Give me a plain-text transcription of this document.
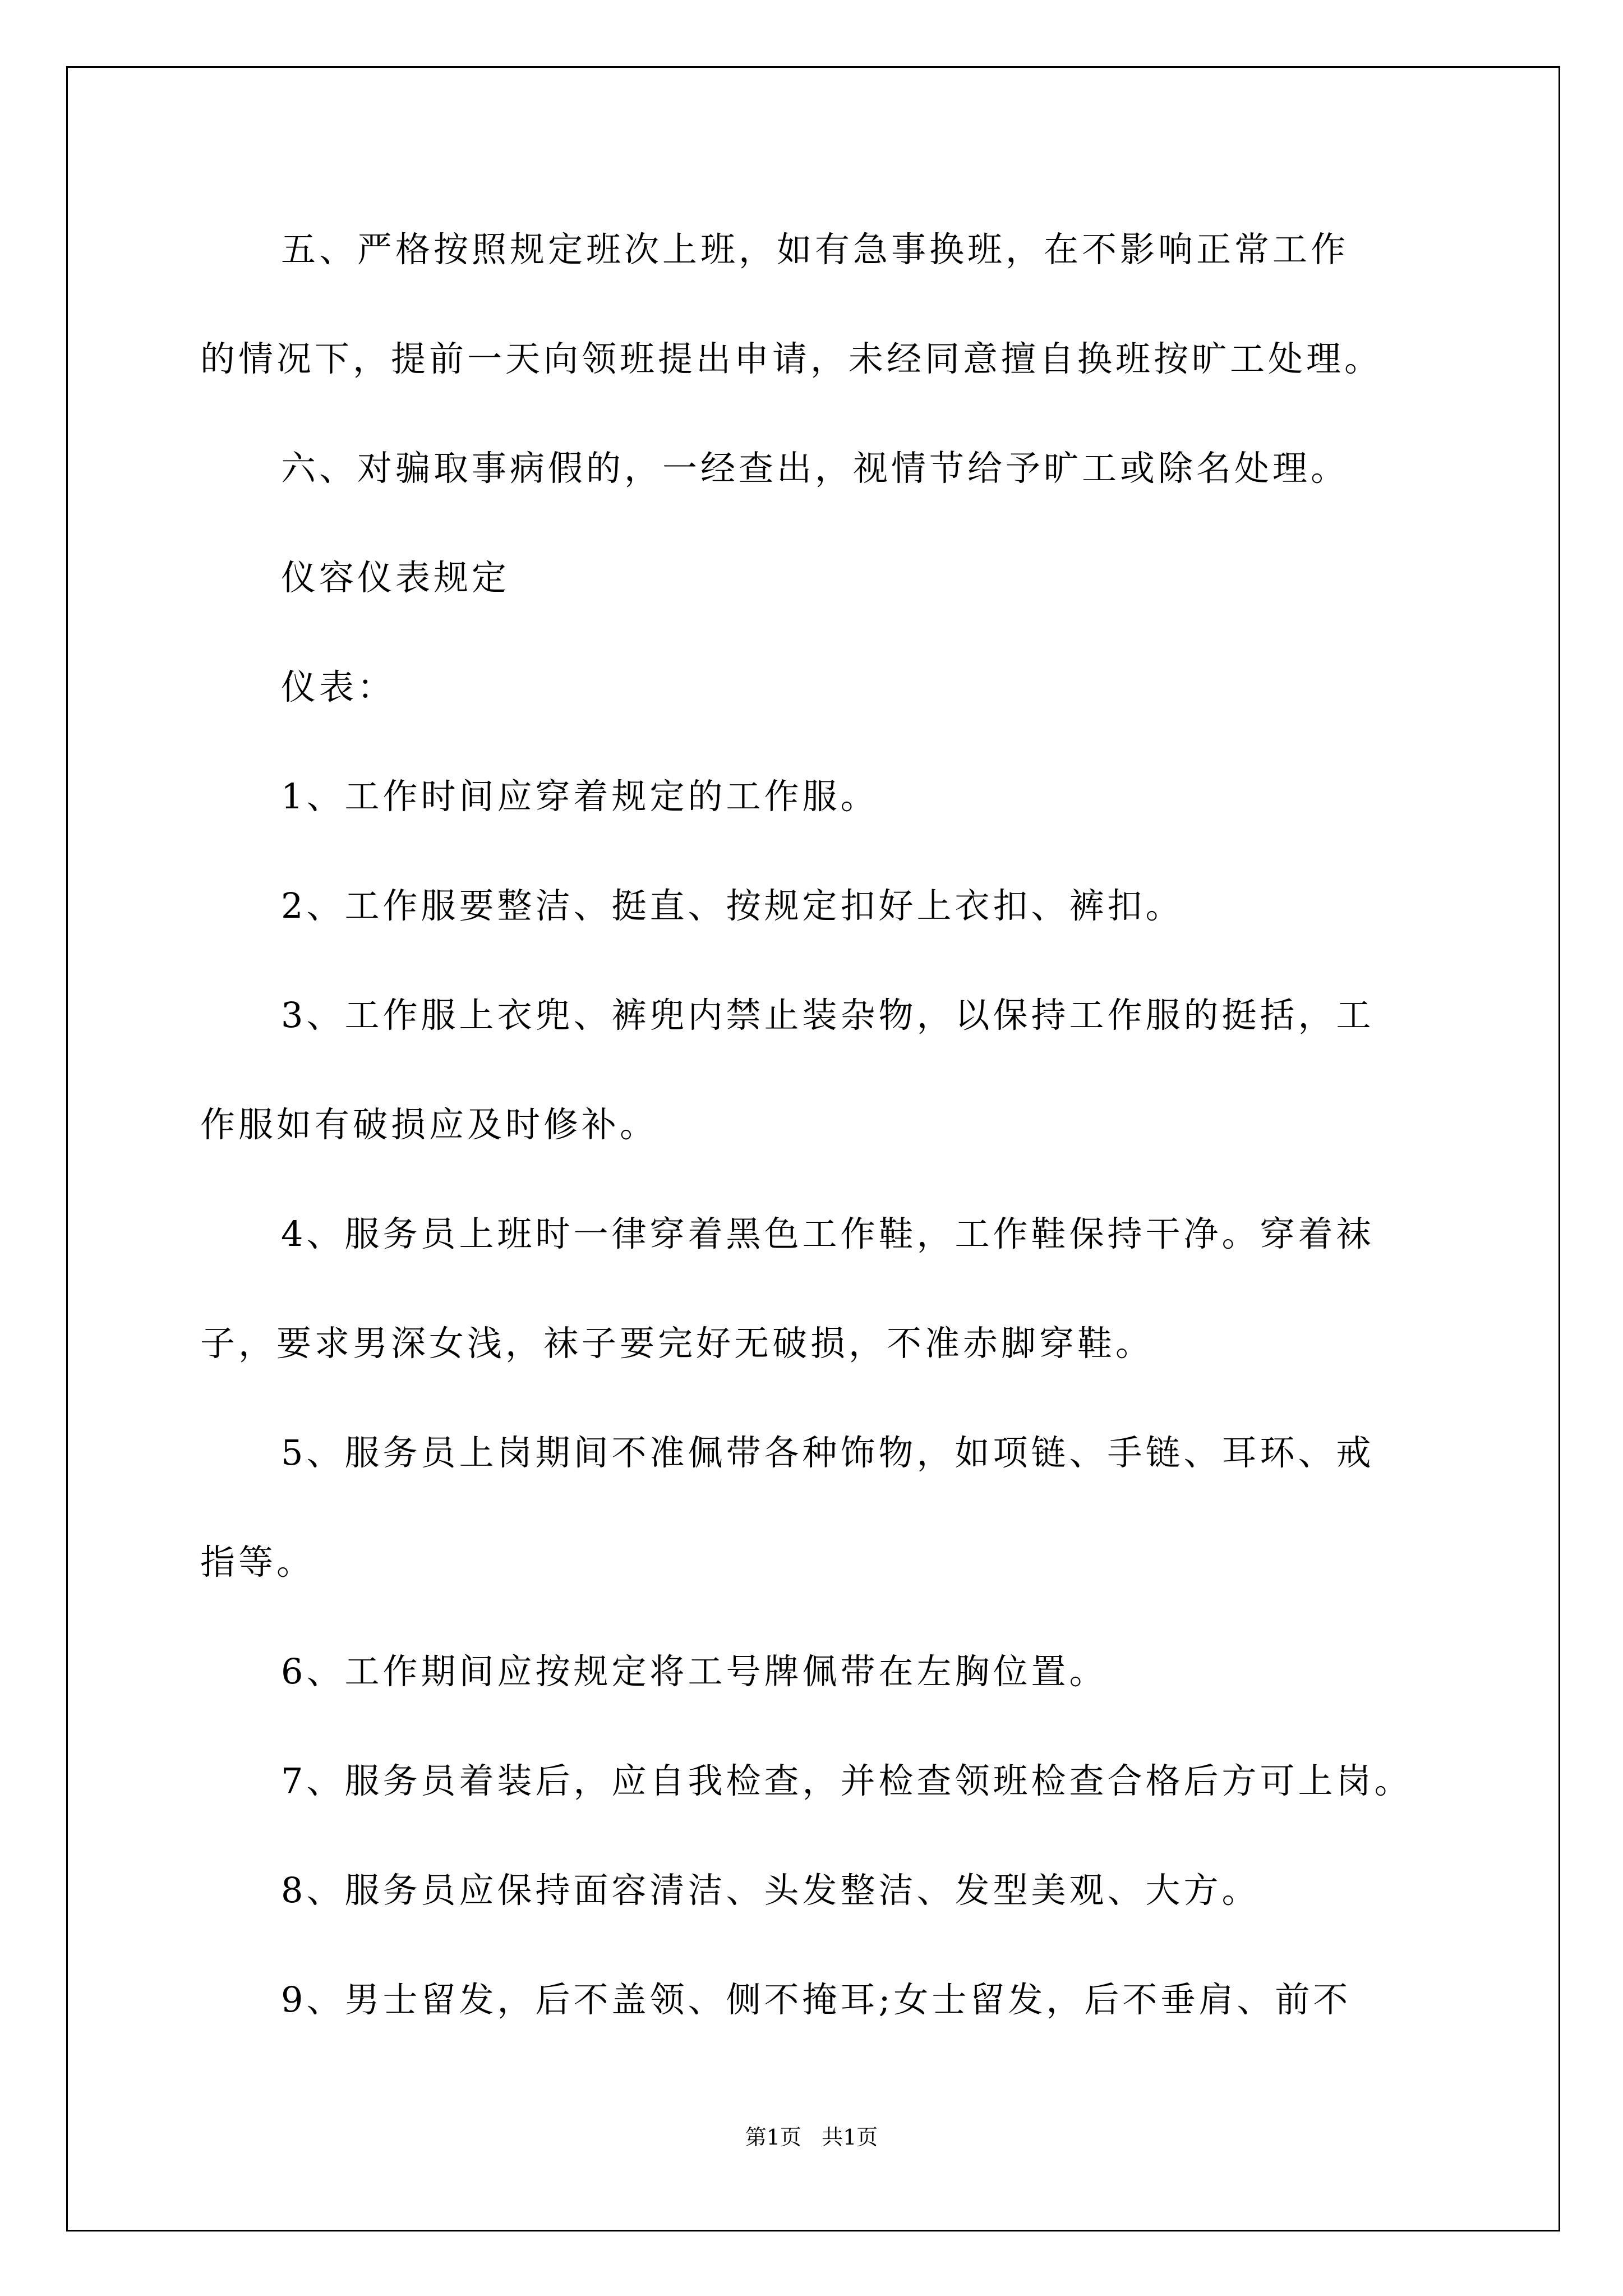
五、严格按照规定班次上班，如有急事换班，在不影响正常工作
的情况下，提前一天向领班提出申请，未经同意擅自换班按旷工处理。
六、对骗取事病假的，一经查出，视情节给予旷工或除名处理。
仪容仪表规定
仪表：
1、工作时间应穿着规定的工作服。
2、工作服要整洁、挺直、按规定扣好上衣扣、裤扣。
3、工作服上衣兜、裤兜内禁止装杂物，以保持工作服的挺括，工
作服如有破损应及时修补。
4、服务员上班时一律穿着黑色工作鞋，工作鞋保持干净。穿着袜
子，要求男深女浅，袜子要完好无破损，不准赤脚穿鞋。
5、服务员上岗期间不准佩带各种饰物，如项链、手链、耳环、戒
指等。
6、工作期间应按规定将工号牌佩带在左胸位置。
7、服务员着装后，应自我检查，并检查领班检查合格后方可上岗。
8、服务员应保持面容清洁、头发整洁、发型美观、大方。
9、男士留发，后不盖领、侧不掩耳;女士留发，后不垂肩、前不
第1页   共1页
